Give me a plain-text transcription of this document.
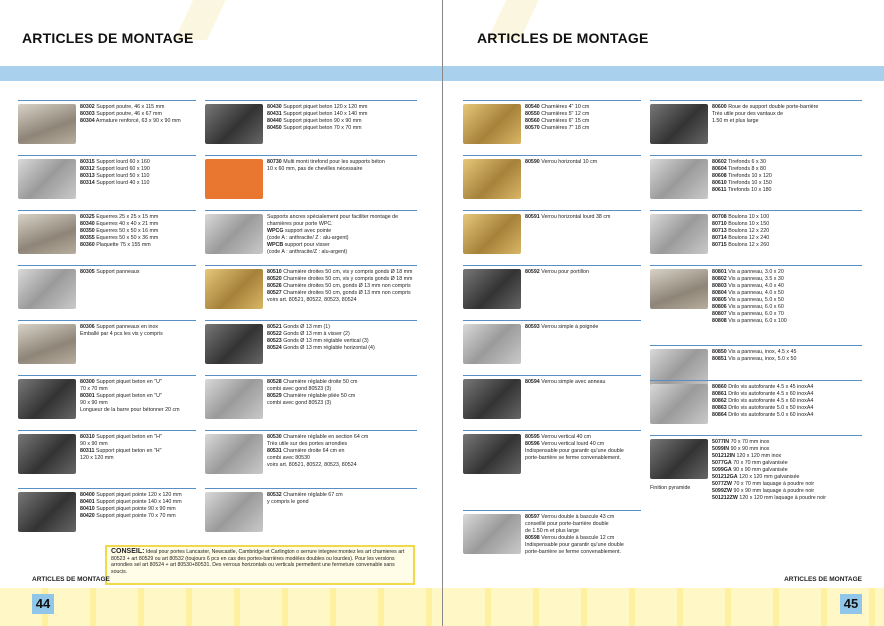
ARTICLES DE MONTAGE
80302 Support poutre, 46 x 115 mm
80303 Support poutre, 46 x 67 mm
80304 Armature renforcé, 63 x 90 x 90 mm
80315 Support lourd 60 x 160
80312 Support lourd 60 x 190
80313 Support lourd 50 x 110
80314 Support lourd 40 x 110
80325 Equerres 25 x 25 x 15 mm
80340 Equerres 40 x 40 x 21 mm
80350 Equerres 50 x 50 x 16 mm
80355 Equerres 50 x 50 x 36 mm
80360 Plaquette 75 x 155 mm
80305 Support panneaux
80306 Support panneaux en inox
Emballé par 4 pcs les vis y compris
80300 Support piquet beton en "U"
70 x 70 mm
80301 Support piquet beton en "U"
90 x 90 mm
Longueur de la barre pour bétonner 20 cm
80310 Support piquet beton en "H"
90 x 90 mm
80311 Support piquet beton en "H"
120 x 120 mm
80400 Support piquet pointe 120 x 120 mm
80401 Support piquet pointe 140 x 140 mm
80410 Support piquet pointe 90 x 90 mm
80420 Support piquet pointe 70 x 70 mm
80430 Support piquet beton 120 x 120 mm
80431 Support piquet beton 140 x 140 mm
80440 Support piquet beton 90 x 90 mm
80450 Support piquet beton 70 x 70 mm
80730 Multi monti tirefond pour les supports béton
10 x 60 mm, pas de chevilles nécessaire
Supports ancres spécialement pour faciliter montage de
charnières pour porte WPC.
WPCG support avec pointe
(code A : anthracite/ Z : alu-argent)
WPCB support pour visser
(code A : anthracite/Z : alu-argent)
80510 Charnière droites 50 cm, vis y compris gonds Ø 18 mm
80520 Charnière droites 50 cm, vis y compris gonds Ø 18 mm
80526 Charnière droites 50 cm, gonds Ø 13 mm non compris
80527 Charnière droites 50 cm, gonds Ø 13 mm non compris
voirs art. 80521, 80522, 80523, 80524
80521 Gonds Ø 13 mm (1)
80522 Gonds Ø 13 mm à visser (2)
80523 Gonds Ø 13 mm réglable vertical (3)
80524 Gonds Ø 13 mm réglable horizontal (4)
80528 Charnière réglable droite 50 cm
combi avec gond 80523 (3)
80529 Charnière réglable pliée 50 cm
combi avec gond 80523 (3)
80530 Charnière réglable en section 64 cm
Très utile sur des portes arrondies
80531 Charnière droite 64 cm en
combi avec 80530
voirs art. 80521, 80522, 80523, 80524
80532 Charnière réglable 67 cm
y compris le gond
CONSEIL: Ideal pour portes Lancaster, Newcastle, Cambridge et Carlington o serrure integree:montez les art charnieres art 80523 + art 80529 ou art 80532 (toujours 6 pcs en cas des portes-barrières modèles doubles ou lourdes). Pour les versions arrondies sel art 80524 + art 80530+80531. Des verrous horizontals ou verticals permettent une fermeture convenable sans soucis.
ARTICLES DE MONTAGE
44
ARTICLES DE MONTAGE
80540 Charnières 4" 10 cm
80550 Charnières 5" 12 cm
80560 Charnières 6" 15 cm
80570 Charnières 7" 18 cm
80590 Verrou horizontal 10 cm
80591 Verrou horizontal lourd 38 cm
80592 Verrou pour portillon
80593 Verrou simple à poignée
80594 Verrou simple avec anneau
80595 Verrou vertical 40 cm
80596 Verrou vertical lourd 40 cm
Indispensable pour garantir qu'une double
porte-barrière se ferme convenablement.
80597 Verrou double à bascule 43 cm
conseillé pour porte-barrière double
de 1.50 m et plus large
80598 Verrou double à bascule 12 cm
Indispensable pour garantir qu'une double
porte-barrière se ferme convenablement.
80600 Roue de support double porte-barrière
Très utile pour des vantaux de
1.50 m et plus large
80602 Tirefonds 6 x 30
80604 Tirefonds 8 x 80
80608 Tirefonds 10 x 120
80610 Tirefonds 10 x 150
80611 Tirefonds 10 x 180
80708 Boulons 10 x 100
80710 Boulons 10 x 150
80713 Boulons 12 x 220
80714 Boulons 12 x 240
80715 Boulons 12 x 260
80801 Vis a panneau, 3.0 x 20
80802 Vis a panneau, 3.5 x 30
80803 Vis a panneau, 4.0 x 40
80804 Vis a panneau, 4.0 x 50
80805 Vis a panneau, 5.0 x 50
80806 Vis a panneau, 6.0 x 60
80807 Vis a panneau, 6.0 x 70
80808 Vis a panneau, 6.0 x 100
80850 Vis a panneau, inox, 4.5 x 45
80851 Vis a panneau, inox, 5.0 x 50
80860 Drilo vis autoforante 4.5 x 45 inoxA4
80861 Drilo vis autoforante 4.5 x 60 inoxA4
80862 Drilo vis autoforante 4.5 x 60 inoxA4
80863 Drilo vis autoforante 5.0 x 50 inoxA4
80864 Drilo vis autoforante 5.0 x 60 inoxA4
5077IN 70 x 70 mm inox
5099IN 90 x 90 mm inox
501212IN 120 x 120 mm inox
5077GA 70 x 70 mm galvanisée
5099GA 90 x 90 mm galvanisée
501212GA 120 x 120 mm galvanisée
5077ZW 70 x 70 mm laquage à poudre noir
5099ZW 90 x 90 mm laquage à poudre noir
501212ZW 120 x 120 mm laquage à poudre noir
Finition pyramide
ARTICLES DE MONTAGE
45
